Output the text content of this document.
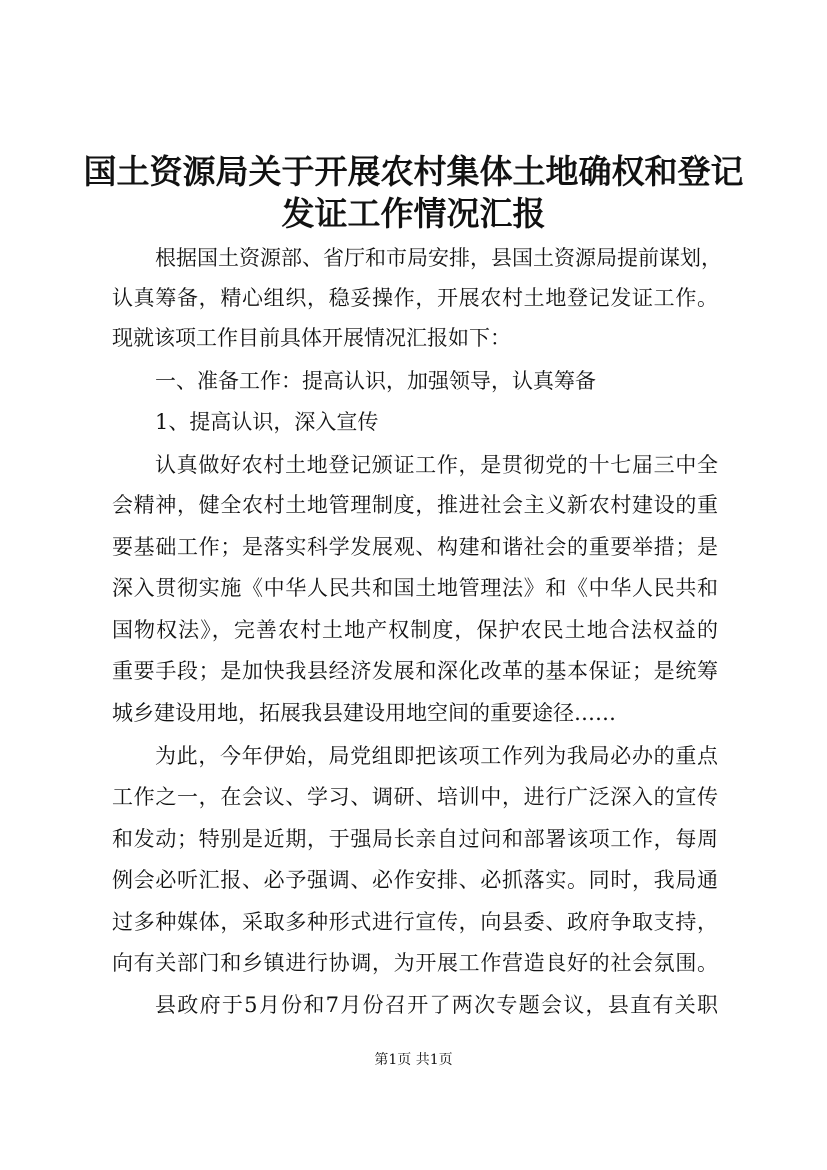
国土资源局关于开展农村集体土地确权和登记
发证工作情况汇报
根据国土资源部、省厅和市局安排，县国土资源局提前谋划，
认真筹备，精心组织，稳妥操作，开展农村土地登记发证工作。
现就该项工作目前具体开展情况汇报如下：
一、准备工作：提高认识，加强领导，认真筹备
1、提高认识，深入宣传
认真做好农村土地登记颁证工作，是贯彻党的十七届三中全
会精神，健全农村土地管理制度，推进社会主义新农村建设的重
要基础工作；是落实科学发展观、构建和谐社会的重要举措；是
深入贯彻实施《中华人民共和国土地管理法》和《中华人民共和
国物权法》，完善农村土地产权制度，保护农民土地合法权益的
重要手段；是加快我县经济发展和深化改革的基本保证；是统筹
城乡建设用地，拓展我县建设用地空间的重要途径……
为此，今年伊始，局党组即把该项工作列为我局必办的重点
工作之一，在会议、学习、调研、培训中，进行广泛深入的宣传
和发动；特别是近期，于强局长亲自过问和部署该项工作，每周
例会必听汇报、必予强调、必作安排、必抓落实。同时，我局通
过多种媒体，采取多种形式进行宣传，向县委、政府争取支持，
向有关部门和乡镇进行协调，为开展工作营造良好的社会氛围。
县政府于5月份和7月份召开了两次专题会议，县直有关职
第1页 共1页
